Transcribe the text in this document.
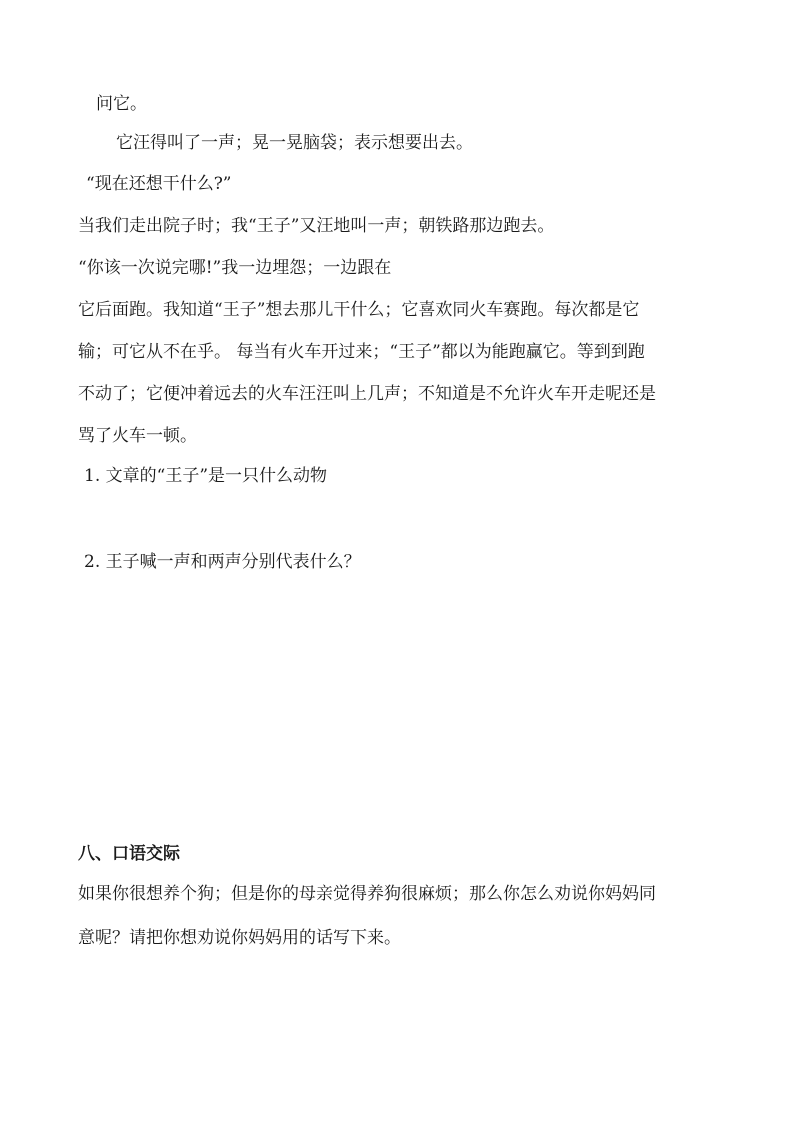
问它。
它汪得叫了一声；晃一晃脑袋；表示想要出去。
“现在还想干什么?”
当我们走出院子时；我“王子”又汪地叫一声；朝铁路那边跑去。
“你该一次说完哪!”我一边埋怨；一边跟在
它后面跑。我知道“王子”想去那儿干什么；它喜欢同火车赛跑。每次都是它
输；可它从不在乎。 每当有火车开过来；“王子”都以为能跑赢它。等到到跑
不动了；它便冲着远去的火车汪汪叫上几声；不知道是不允许火车开走呢还是
骂了火车一顿。
1. 文章的“王子”是一只什么动物
2. 王子喊一声和两声分别代表什么？
八、口语交际
如果你很想养个狗；但是你的母亲觉得养狗很麻烦；那么你怎么劝说你妈妈同
意呢？请把你想劝说你妈妈用的话写下来。
